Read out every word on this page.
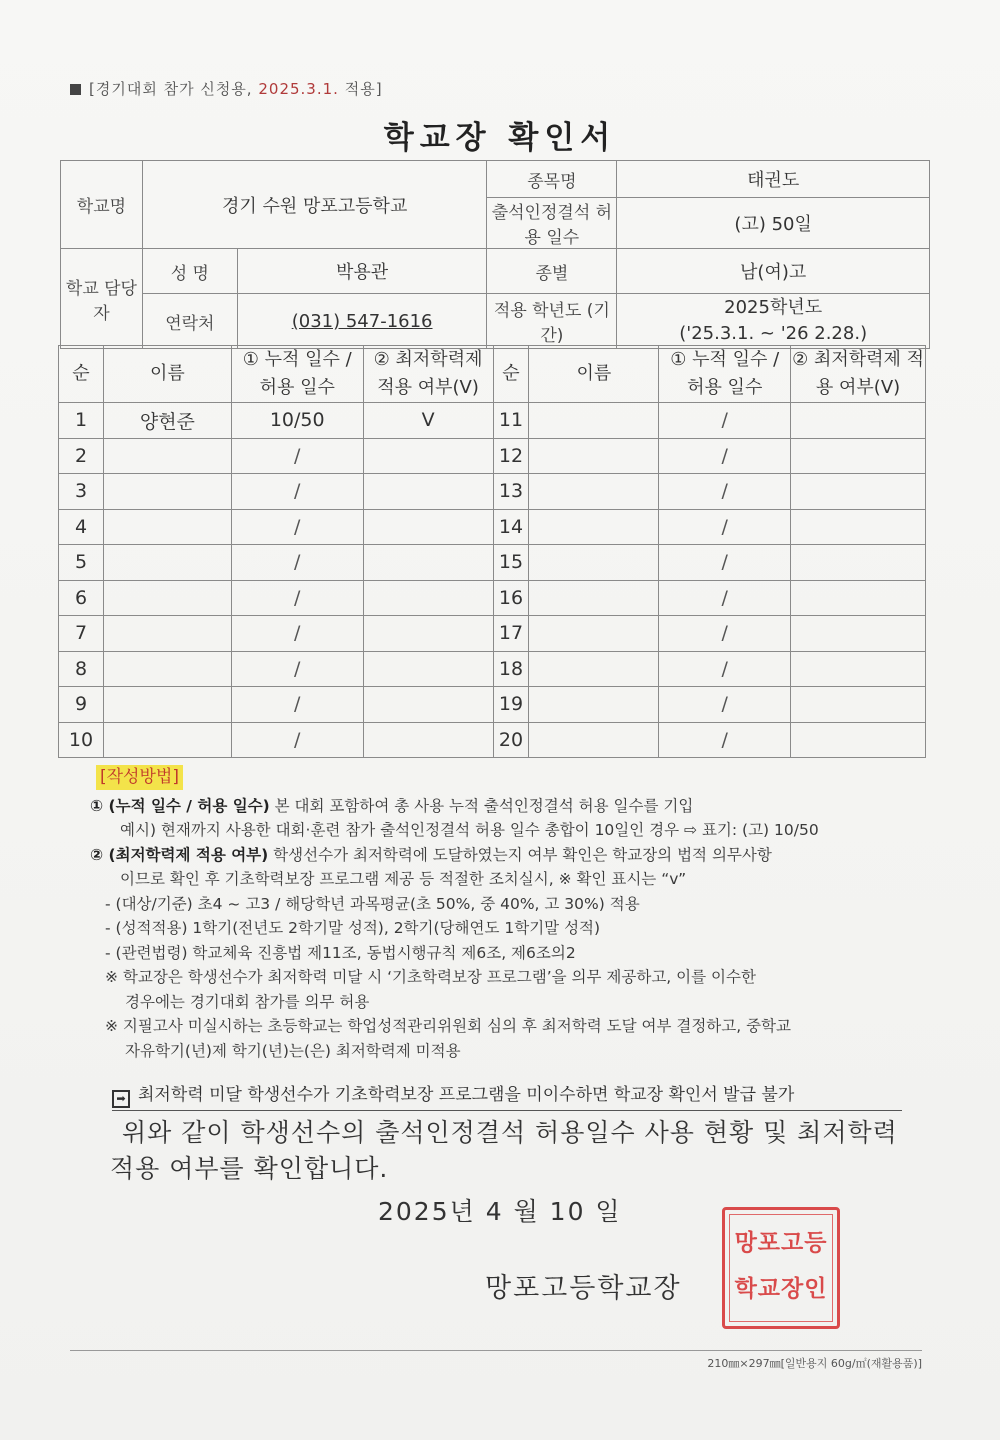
[경기대회 참가 신청용, 2025.3.1. 적용]
학교장 확인서
학교명	경기 수원 망포고등학교		종목명	태권도
			출석인정결석 허용 일수	(고) 50일
학교 담당자	성 명	박용관	종별	남(여)고
	연락처	(031) 547-1616	적용 학년도 (기간)	2025학년도
('25.3.1. ~ '26 2.28.)
순	이름	① 누적 일수 / 허용 일수	② 최저학력제 적용 여부(V)	순	이름	① 누적 일수 / 허용 일수	② 최저학력제 적용 여부(V)
1	양현준	10/50	V	11		/	
2		/		12		/	
3		/		13		/	
4		/		14		/	
5		/		15		/	
6		/		16		/	
7		/		17		/	
8		/		18		/	
9		/		19		/	
10		/		20		/	
[작성방법]

① (누적 일수 / 허용 일수) 본 대회 포함하여 총 사용 누적 출석인정결석 허용 일수를 기입

예시) 현재까지 사용한 대회·훈련 참가 출석인정결석 허용 일수 총합이 10일인 경우 ⇨ 표기: (고) 10/50

② (최저학력제 적용 여부) 학생선수가 최저학력에 도달하였는지 여부 확인은 학교장의 법적 의무사항

이므로 확인 후 기초학력보장 프로그램 제공 등 적절한 조치실시, ※ 확인 표시는 “v”

- (대상/기준) 초4 ~ 고3 / 해당학년 과목평균(초 50%, 중 40%, 고 30%) 적용

- (성적적용) 1학기(전년도 2학기말 성적), 2학기(당해연도 1학기말 성적)

- (관련법령) 학교체육 진흥법 제11조, 동법시행규칙 제6조, 제6조의2

※ 학교장은 학생선수가 최저학력 미달 시 ‘기초학력보장 프로그램’을 의무 제공하고, 이를 이수한

경우에는 경기대회 참가를 의무 허용

※ 지필고사 미실시하는 초등학교는 학업성적관리위원회 심의 후 최저학력 도달 여부 결정하고, 중학교

자유학기(년)제 학기(년)는(은) 최저학력제 미적용

➡ 최저학력 미달 학생선수가 기초학력보장 프로그램을 미이수하면 학교장 확인서 발급 불가
위와 같이 학생선수의 출석인정결석 허용일수 사용 현황 및 최저학력
적용 여부를 확인합니다.
2025년 4 월 10 일
망포고등학교장
망포고등
학교장인
210㎜×297㎜[일반용지 60g/㎡(재활용품)]
